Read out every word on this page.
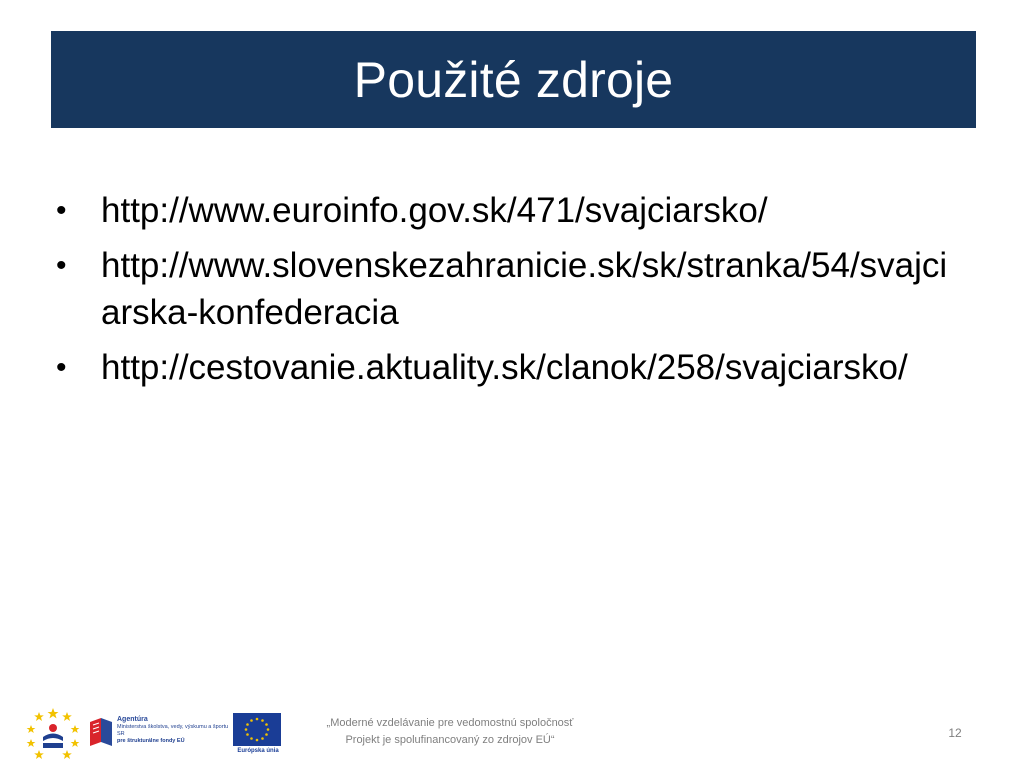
Použité zdroje
• http://www.euroinfo.gov.sk/471/svajciarsko/
• http://www.slovenskezahranicie.sk/sk/stranka/54/svajciarska-konfederacia
• http://cestovanie.aktuality.sk/clanok/258/svajciarsko/
Agentúra
Ministerstva školstva, vedy, výskumu a športu SR
pre štrukturálne fondy EÚ
Európska únia
„Moderné vzdelávanie pre vedomostnú spoločnosť
Projekt je spolufinancovaný zo zdrojov EÚ“	12
